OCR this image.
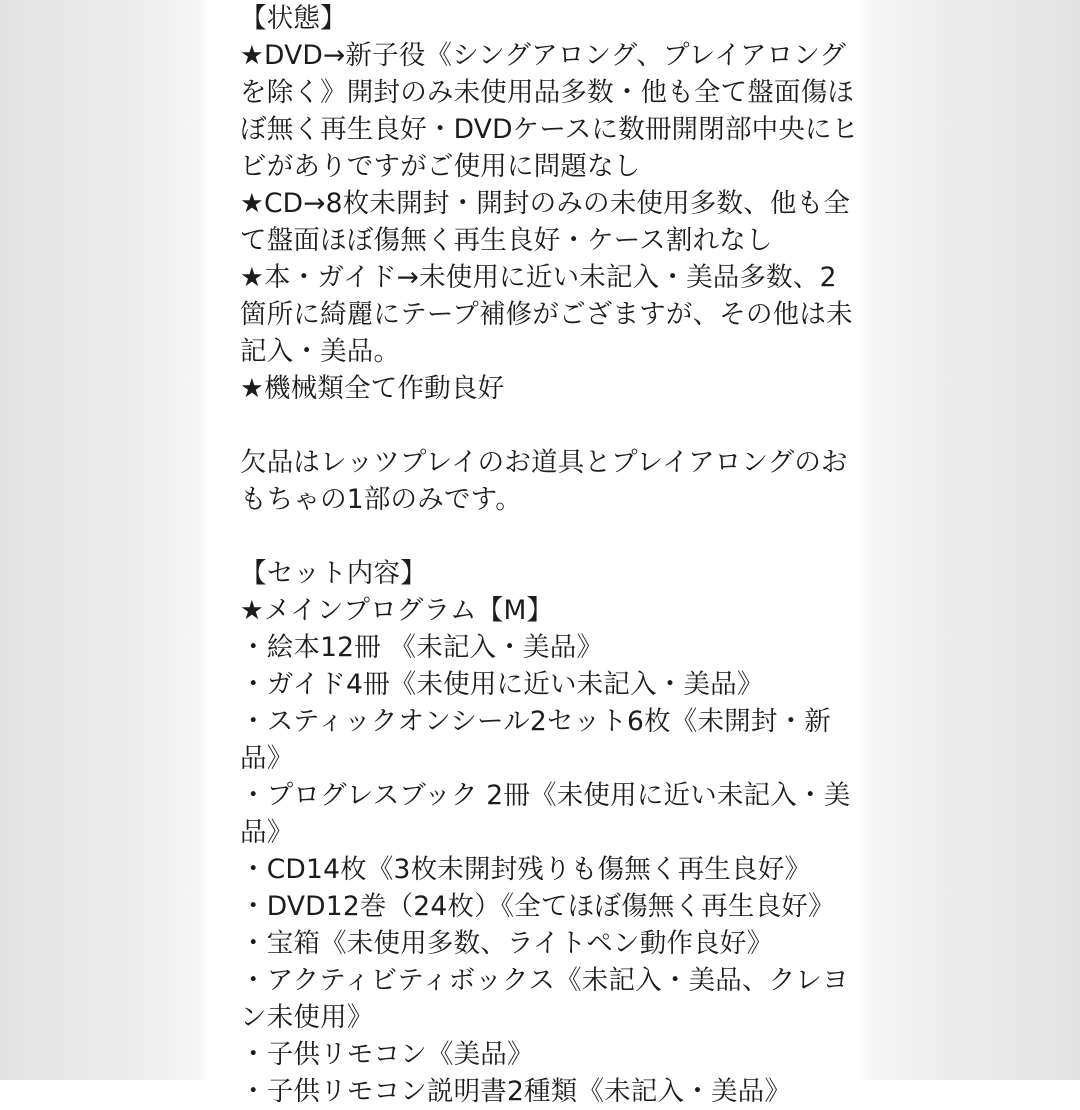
【状態】
★DVD→新子役《シングアロング、プレイアロング
を除く》開封のみ未使用品多数・他も全て盤面傷ほ
ぼ無く再生良好・DVDケースに数冊開閉部中央にヒ
ビがありですがご使用に問題なし
★CD→8枚未開封・開封のみの未使用多数、他も全
て盤面ほぼ傷無く再生良好・ケース割れなし
★本・ガイド→未使用に近い未記入・美品多数、2
箇所に綺麗にテープ補修がござますが、その他は未
記入・美品。
★機械類全て作動良好
欠品はレッツプレイのお道具とプレイアロングのお
もちゃの1部のみです。
【セット内容】
★メインプログラム【M】
・絵本12冊 《未記入・美品》
・ガイド4冊《未使用に近い未記入・美品》
・スティックオンシール2セット6枚《未開封・新
品》
・プログレスブック 2冊《未使用に近い未記入・美
品》
・CD14枚《3枚未開封残りも傷無く再生良好》
・DVD12巻（24枚）《全てほぼ傷無く再生良好》
・宝箱《未使用多数、ライトペン動作良好》
・アクティビティボックス《未記入・美品、クレヨ
ン未使用》
・子供リモコン《美品》
・子供リモコン説明書2種類《未記入・美品》
